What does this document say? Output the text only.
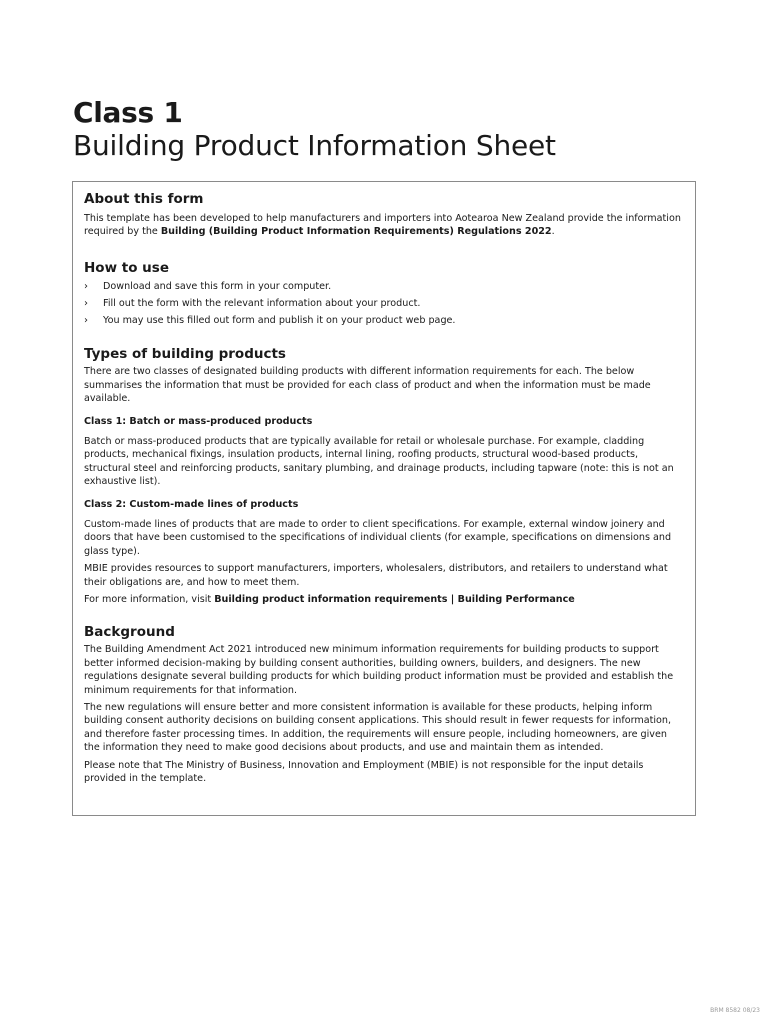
Class 1
Building Product Information Sheet
About this form

This template has been developed to help manufacturers and importers into Aotearoa New Zealand provide the information required by the Building (Building Product Information Requirements) Regulations 2022.

How to use
› Download and save this form in your computer.
› Fill out the form with the relevant information about your product.
› You may use this filled out form and publish it on your product web page.
Types of building products

There are two classes of designated building products with different information requirements for each. The below summarises the information that must be provided for each class of product and when the information must be made available.

Class 1: Batch or mass-produced products

Batch or mass-produced products that are typically available for retail or wholesale purchase. For example, cladding products, mechanical fixings, insulation products, internal lining, roofing products, structural wood-based products, structural steel and reinforcing products, sanitary plumbing, and drainage products, including tapware (note: this is not an exhaustive list).

Class 2: Custom-made lines of products

Custom-made lines of products that are made to order to client specifications. For example, external window joinery and doors that have been customised to the specifications of individual clients (for example, specifications on dimensions and glass type).

MBIE provides resources to support manufacturers, importers, wholesalers, distributors, and retailers to understand what their obligations are, and how to meet them.

For more information, visit Building product information requirements | Building Performance

Background

The Building Amendment Act 2021 introduced new minimum information requirements for building products to support better informed decision-making by building consent authorities, building owners, builders, and designers. The new regulations designate several building products for which building product information must be provided and establish the minimum requirements for that information.

The new regulations will ensure better and more consistent information is available for these products, helping inform building consent authority decisions on building consent applications. This should result in fewer requests for information, and therefore faster processing times. In addition, the requirements will ensure people, including homeowners, are given the information they need to make good decisions about products, and use and maintain them as intended.

Please note that The Ministry of Business, Innovation and Employment (MBIE) is not responsible for the input details provided in the template.

BRM 8582 08/23
